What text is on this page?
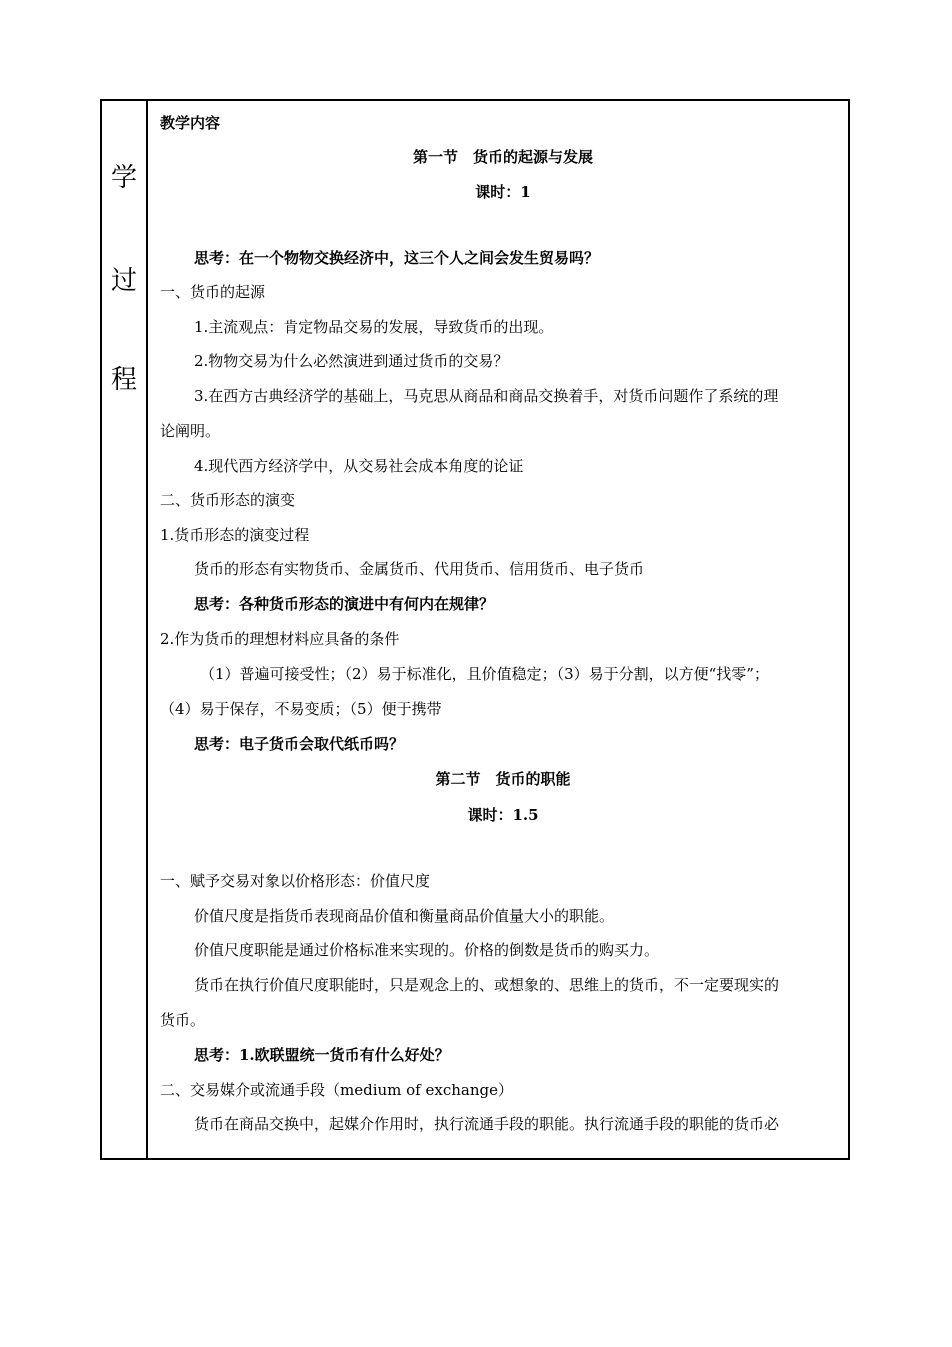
学
过
程
教学内容
第一节　货币的起源与发展
课时：1
思考：在一个物物交换经济中，这三个人之间会发生贸易吗？
一、货币的起源
1.主流观点：肯定物品交易的发展，导致货币的出现。
2.物物交易为什么必然演进到通过货币的交易？
3.在西方古典经济学的基础上，马克思从商品和商品交换着手，对货币问题作了系统的理
论阐明。
4.现代西方经济学中，从交易社会成本角度的论证
二、货币形态的演变
1.货币形态的演变过程
货币的形态有实物货币、金属货币、代用货币、信用货币、电子货币
思考：各种货币形态的演进中有何内在规律？
2.作为货币的理想材料应具备的条件
（1）普遍可接受性；（2）易于标准化，且价值稳定；（3）易于分割，以方便“找零”；
（4）易于保存，不易变质；（5）便于携带
思考：电子货币会取代纸币吗？
第二节　货币的职能
课时：1.5
一、赋予交易对象以价格形态：价值尺度
价值尺度是指货币表现商品价值和衡量商品价值量大小的职能。
价值尺度职能是通过价格标准来实现的。价格的倒数是货币的购买力。
货币在执行价值尺度职能时，只是观念上的、或想象的、思维上的货币，不一定要现实的
货币。
思考：1.欧联盟统一货币有什么好处？
二、交易媒介或流通手段（medium of exchange）
货币在商品交换中，起媒介作用时，执行流通手段的职能。执行流通手段的职能的货币必
